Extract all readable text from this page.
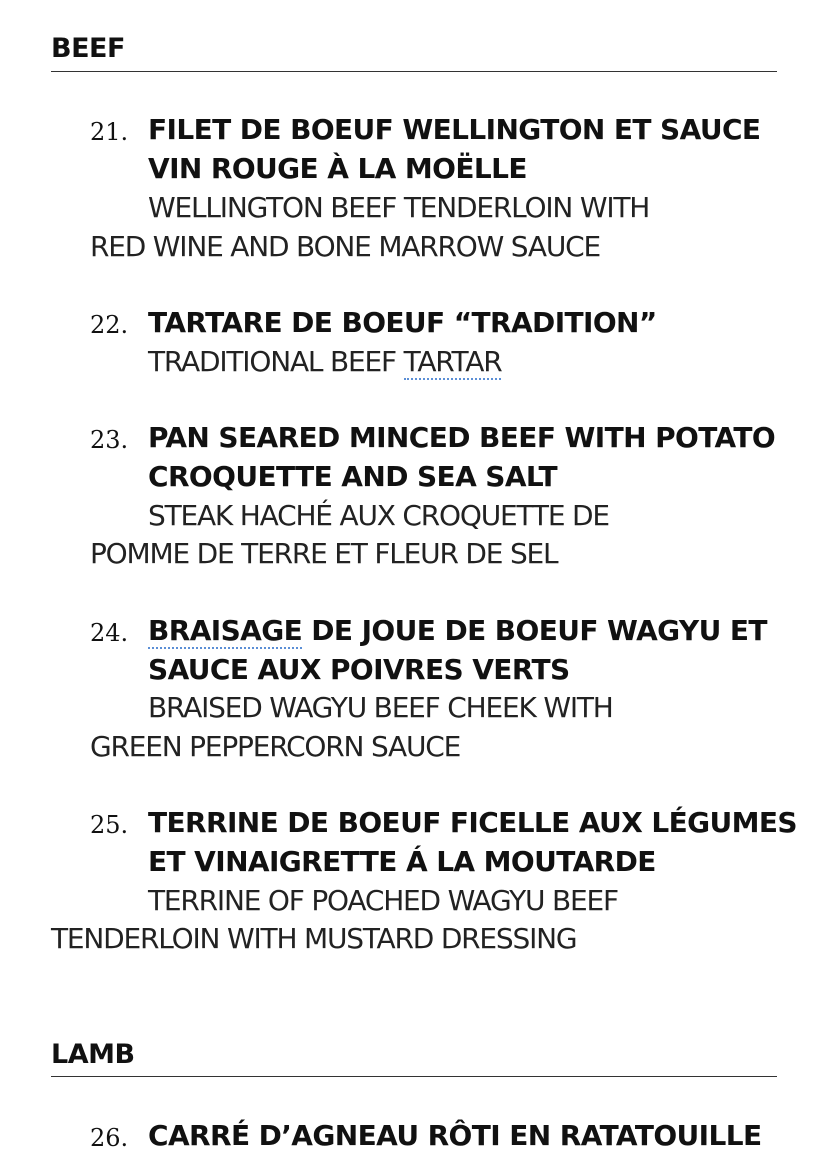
BEEF
21. FILET DE BOEUF WELLINGTON ET SAUCE
VIN ROUGE À LA MOËLLE
WELLINGTON BEEF TENDERLOIN WITH
RED WINE AND BONE MARROW SAUCE
22. TARTARE DE BOEUF “TRADITION”
TRADITIONAL BEEF TARTAR
23. PAN SEARED MINCED BEEF WITH POTATO
CROQUETTE AND SEA SALT
STEAK HACHÉ AUX CROQUETTE DE
POMME DE TERRE ET FLEUR DE SEL
24. BRAISAGE DE JOUE DE BOEUF WAGYU ET
SAUCE AUX POIVRES VERTS
BRAISED WAGYU BEEF CHEEK WITH
GREEN PEPPERCORN SAUCE
25. TERRINE DE BOEUF FICELLE AUX LÉGUMES
ET VINAIGRETTE Á LA MOUTARDE
TERRINE OF POACHED WAGYU BEEF
TENDERLOIN WITH MUSTARD DRESSING
LAMB
26. CARRÉ D’AGNEAU RÔTI EN RATATOUILLE
